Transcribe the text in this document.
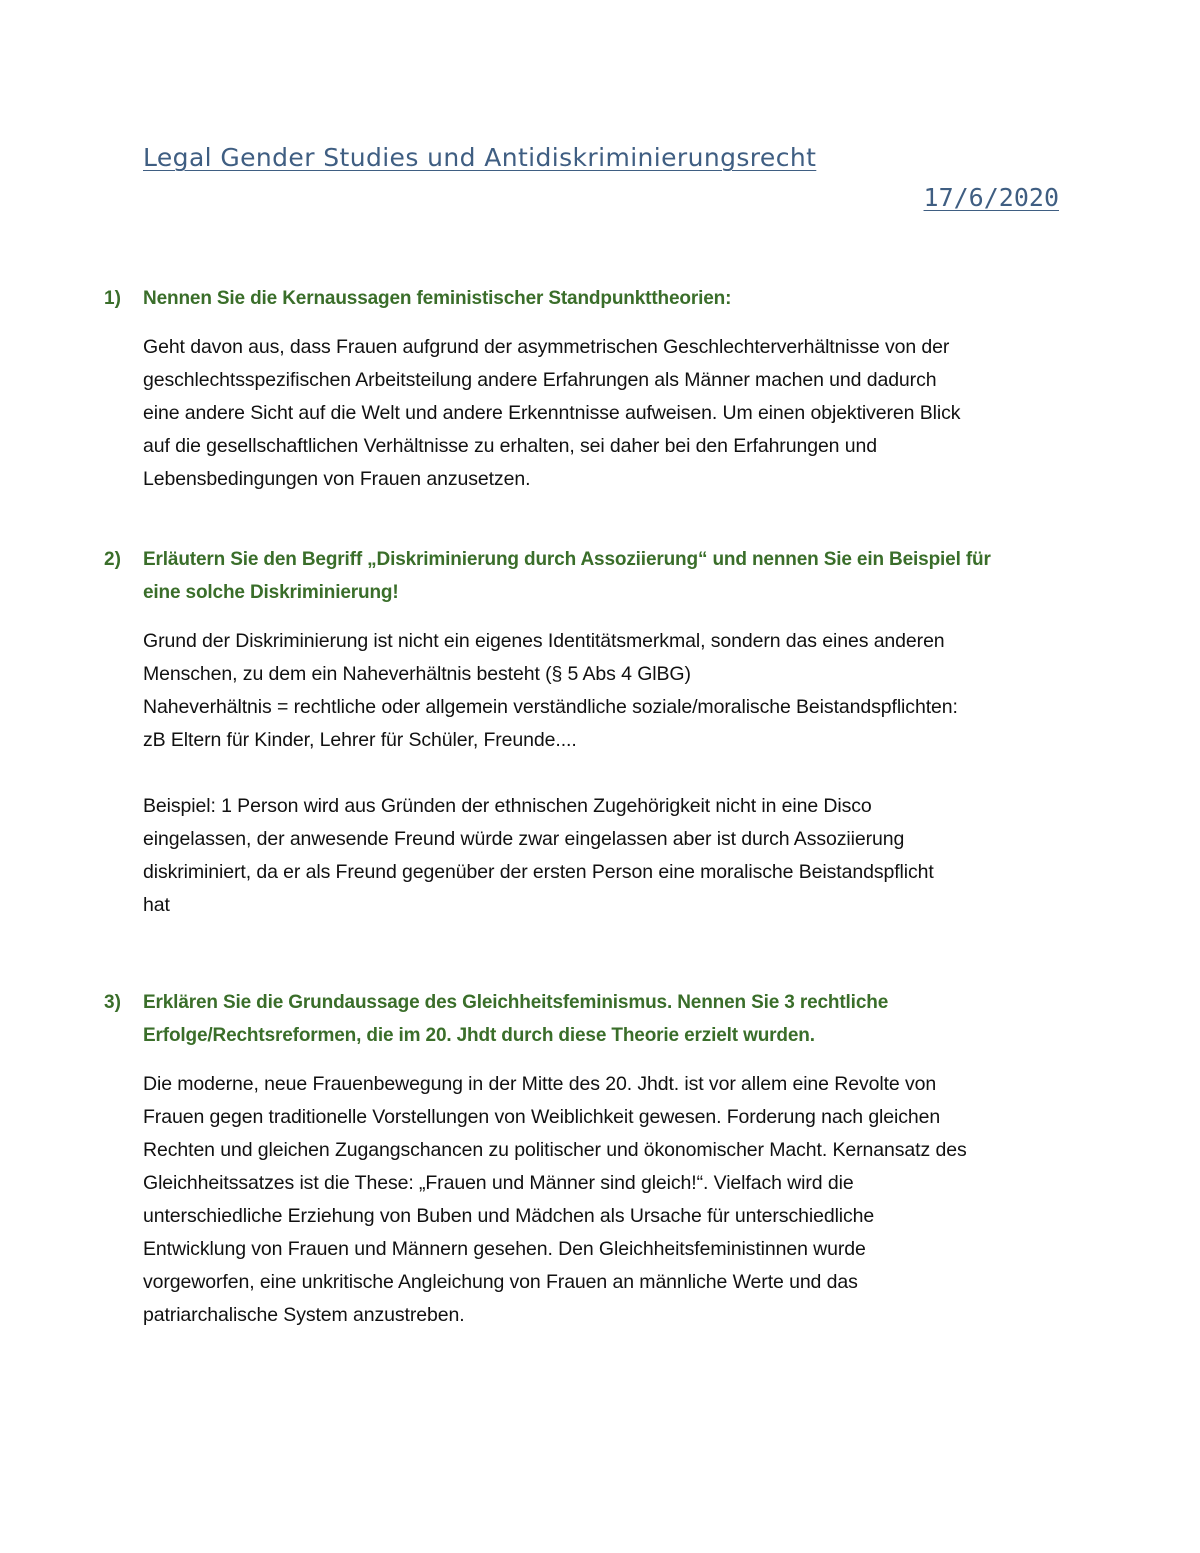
Legal Gender Studies und Antidiskriminierungsrecht
17/6/2020
1)	Nennen Sie die Kernaussagen feministischer Standpunkttheorien:
Geht davon aus, dass Frauen aufgrund der asymmetrischen Geschlechterverhältnisse von der
geschlechtsspezifischen Arbeitsteilung andere Erfahrungen als Männer machen und dadurch
eine andere Sicht auf die Welt und andere Erkenntnisse aufweisen. Um einen objektiveren Blick
auf die gesellschaftlichen Verhältnisse zu erhalten, sei daher bei den Erfahrungen und
Lebensbedingungen von Frauen anzusetzen.
2)	Erläutern Sie den Begriff „Diskriminierung durch Assoziierung“ und nennen Sie ein Beispiel für
eine solche Diskriminierung!
Grund der Diskriminierung ist nicht ein eigenes Identitätsmerkmal, sondern das eines anderen
Menschen, zu dem ein Naheverhältnis besteht (§ 5 Abs 4 GlBG)
Naheverhältnis = rechtliche oder allgemein verständliche soziale/moralische Beistandspflichten:
zB Eltern für Kinder, Lehrer für Schüler, Freunde....
Beispiel: 1 Person wird aus Gründen der ethnischen Zugehörigkeit nicht in eine Disco
eingelassen, der anwesende Freund würde zwar eingelassen aber ist durch Assoziierung
diskriminiert, da er als Freund gegenüber der ersten Person eine moralische Beistandspflicht
hat
3)	Erklären Sie die Grundaussage des Gleichheitsfeminismus. Nennen Sie 3 rechtliche
Erfolge/Rechtsreformen, die im 20. Jhdt durch diese Theorie erzielt wurden.
Die moderne, neue Frauenbewegung in der Mitte des 20. Jhdt. ist vor allem eine Revolte von
Frauen gegen traditionelle Vorstellungen von Weiblichkeit gewesen. Forderung nach gleichen
Rechten und gleichen Zugangschancen zu politischer und ökonomischer Macht. Kernansatz des
Gleichheitssatzes ist die These: „Frauen und Männer sind gleich!“. Vielfach wird die
unterschiedliche Erziehung von Buben und Mädchen als Ursache für unterschiedliche
Entwicklung von Frauen und Männern gesehen. Den Gleichheitsfeministinnen wurde
vorgeworfen, eine unkritische Angleichung von Frauen an männliche Werte und das
patriarchalische System anzustreben.
